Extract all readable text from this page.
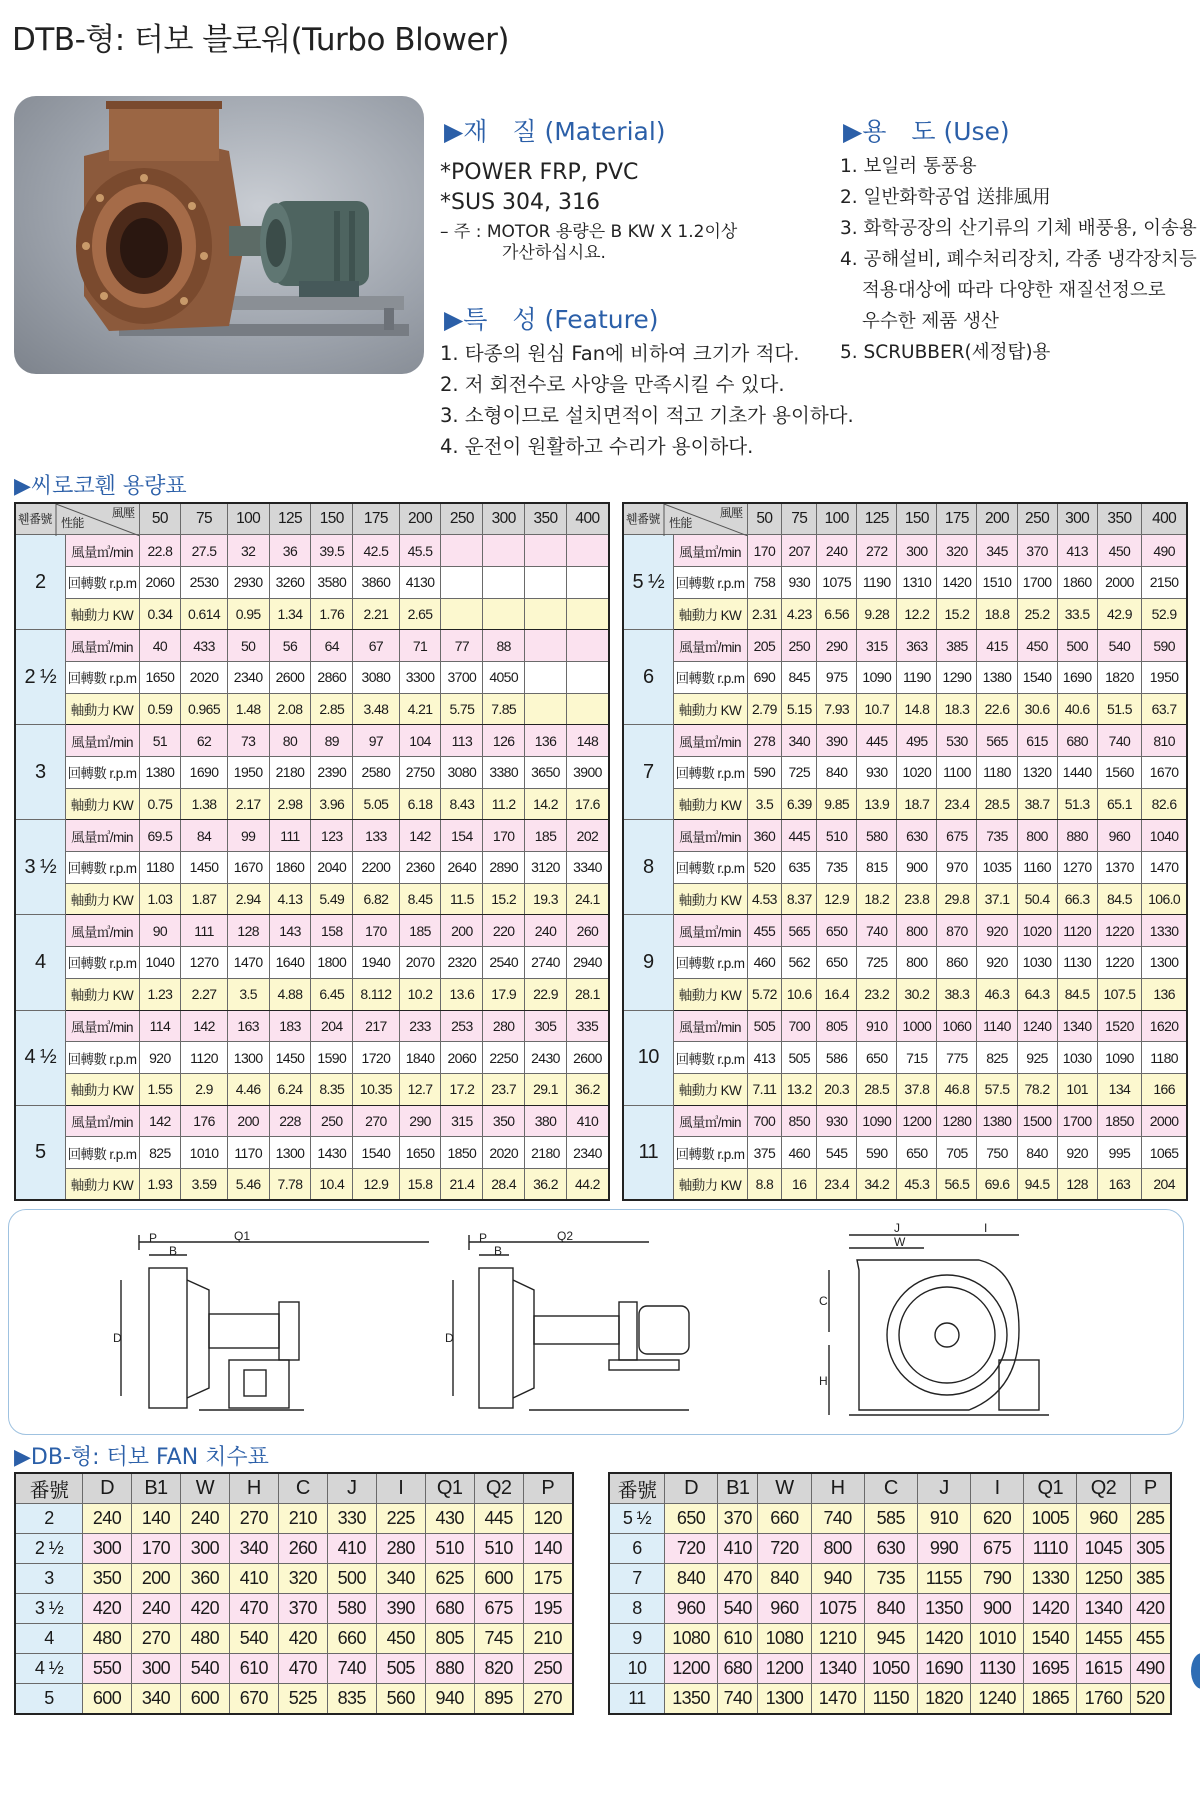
DTB-형: 터보 블로워(Turbo Blower)
▶재　질 (Material)
*POWER FRP, PVC
*SUS 304, 316
– 주 : MOTOR 용량은 B KW X 1.2이상
가산하십시요.
▶특　성 (Feature)
1. 타종의 원심 Fan에 비하여 크기가 적다.
2. 저 회전수로 사양을 만족시킬 수 있다.
3. 소형이므로 설치면적이 적고 기초가 용이하다.
4. 운전이 원활하고 수리가 용이하다.
▶용　도 (Use)
1. 보일러 통풍용
2. 일반화학공업 送排風用
3. 화학공장의 산기류의 기체 배풍용, 이송용
4. 공해설비, 폐수처리장치, 각종 냉각장치등
적용대상에 따라 다양한 재질선정으로
우수한 제품 생산
5. SCRUBBER(세정탑)용
▶씨로코휀 용량표
휀番號 性能
風壓		50	75	100	125	150	175	200	250	300	350	400
2	風量㎥/min	22.8	27.5	32	36	39.5	42.5	45.5				
	回轉數 r.p.m	2060	2530	2930	3260	3580	3860	4130				
	軸動力 KW	0.34	0.614	0.95	1.34	1.76	2.21	2.65				
2 ½	風量㎥/min	40	433	50	56	64	67	71	77	88		
	回轉數 r.p.m	1650	2020	2340	2600	2860	3080	3300	3700	4050		
	軸動力 KW	0.59	0.965	1.48	2.08	2.85	3.48	4.21	5.75	7.85		
3	風量㎥/min	51	62	73	80	89	97	104	113	126	136	148
	回轉數 r.p.m	1380	1690	1950	2180	2390	2580	2750	3080	3380	3650	3900
	軸動力 KW	0.75	1.38	2.17	2.98	3.96	5.05	6.18	8.43	11.2	14.2	17.6
3 ½	風量㎥/min	69.5	84	99	111	123	133	142	154	170	185	202
	回轉數 r.p.m	1180	1450	1670	1860	2040	2200	2360	2640	2890	3120	3340
	軸動力 KW	1.03	1.87	2.94	4.13	5.49	6.82	8.45	11.5	15.2	19.3	24.1
4	風量㎥/min	90	111	128	143	158	170	185	200	220	240	260
	回轉數 r.p.m	1040	1270	1470	1640	1800	1940	2070	2320	2540	2740	2940
	軸動力 KW	1.23	2.27	3.5	4.88	6.45	8.112	10.2	13.6	17.9	22.9	28.1
4 ½	風量㎥/min	114	142	163	183	204	217	233	253	280	305	335
	回轉數 r.p.m	920	1120	1300	1450	1590	1720	1840	2060	2250	2430	2600
	軸動力 KW	1.55	2.9	4.46	6.24	8.35	10.35	12.7	17.2	23.7	29.1	36.2
5	風量㎥/min	142	176	200	228	250	270	290	315	350	380	410
	回轉數 r.p.m	825	1010	1170	1300	1430	1540	1650	1850	2020	2180	2340
	軸動力 KW	1.93	3.59	5.46	7.78	10.4	12.9	15.8	21.4	28.4	36.2	44.2
휀番號 性能
風壓		50	75	100	125	150	175	200	250	300	350	400
5 ½	風量㎥/min	170	207	240	272	300	320	345	370	413	450	490
	回轉數 r.p.m	758	930	1075	1190	1310	1420	1510	1700	1860	2000	2150
	軸動力 KW	2.31	4.23	6.56	9.28	12.2	15.2	18.8	25.2	33.5	42.9	52.9
6	風量㎥/min	205	250	290	315	363	385	415	450	500	540	590
	回轉數 r.p.m	690	845	975	1090	1190	1290	1380	1540	1690	1820	1950
	軸動力 KW	2.79	5.15	7.93	10.7	14.8	18.3	22.6	30.6	40.6	51.5	63.7
7	風量㎥/min	278	340	390	445	495	530	565	615	680	740	810
	回轉數 r.p.m	590	725	840	930	1020	1100	1180	1320	1440	1560	1670
	軸動力 KW	3.5	6.39	9.85	13.9	18.7	23.4	28.5	38.7	51.3	65.1	82.6
8	風量㎥/min	360	445	510	580	630	675	735	800	880	960	1040
	回轉數 r.p.m	520	635	735	815	900	970	1035	1160	1270	1370	1470
	軸動力 KW	4.53	8.37	12.9	18.2	23.8	29.8	37.1	50.4	66.3	84.5	106.0
9	風量㎥/min	455	565	650	740	800	870	920	1020	1120	1220	1330
	回轉數 r.p.m	460	562	650	725	800	860	920	1030	1130	1220	1300
	軸動力 KW	5.72	10.6	16.4	23.2	30.2	38.3	46.3	64.3	84.5	107.5	136
10	風量㎥/min	505	700	805	910	1000	1060	1140	1240	1340	1520	1620
	回轉數 r.p.m	413	505	586	650	715	775	825	925	1030	1090	1180
	軸動力 KW	7.11	13.2	20.3	28.5	37.8	46.8	57.5	78.2	101	134	166
11	風量㎥/min	700	850	930	1090	1200	1280	1380	1500	1700	1850	2000
	回轉數 r.p.m	375	460	545	590	650	705	750	840	920	995	1065
	軸動力 KW	8.8	16	23.4	34.2	45.3	56.5	69.6	94.5	128	163	204
P
B
Q1
D
P
B
Q2
D
J	I
W
C
H
▶DB-형: 터보 FAN 치수표
番號	D	B1	W	H	C	J	I	Q1	Q2	P
2	240	140	240	270	210	330	225	430	445	120
2 ½	300	170	300	340	260	410	280	510	510	140
3	350	200	360	410	320	500	340	625	600	175
3 ½	420	240	420	470	370	580	390	680	675	195
4	480	270	480	540	420	660	450	805	745	210
4 ½	550	300	540	610	470	740	505	880	820	250
5	600	340	600	670	525	835	560	940	895	270
番號	D	B1	W	H	C	J	I	Q1	Q2	P
5 ½	650	370	660	740	585	910	620	1005	960	285
6	720	410	720	800	630	990	675	1110	1045	305
7	840	470	840	940	735	1155	790	1330	1250	385
8	960	540	960	1075	840	1350	900	1420	1340	420
9	1080	610	1080	1210	945	1420	1010	1540	1455	455
10	1200	680	1200	1340	1050	1690	1130	1695	1615	490
11	1350	740	1300	1470	1150	1820	1240	1865	1760	520
